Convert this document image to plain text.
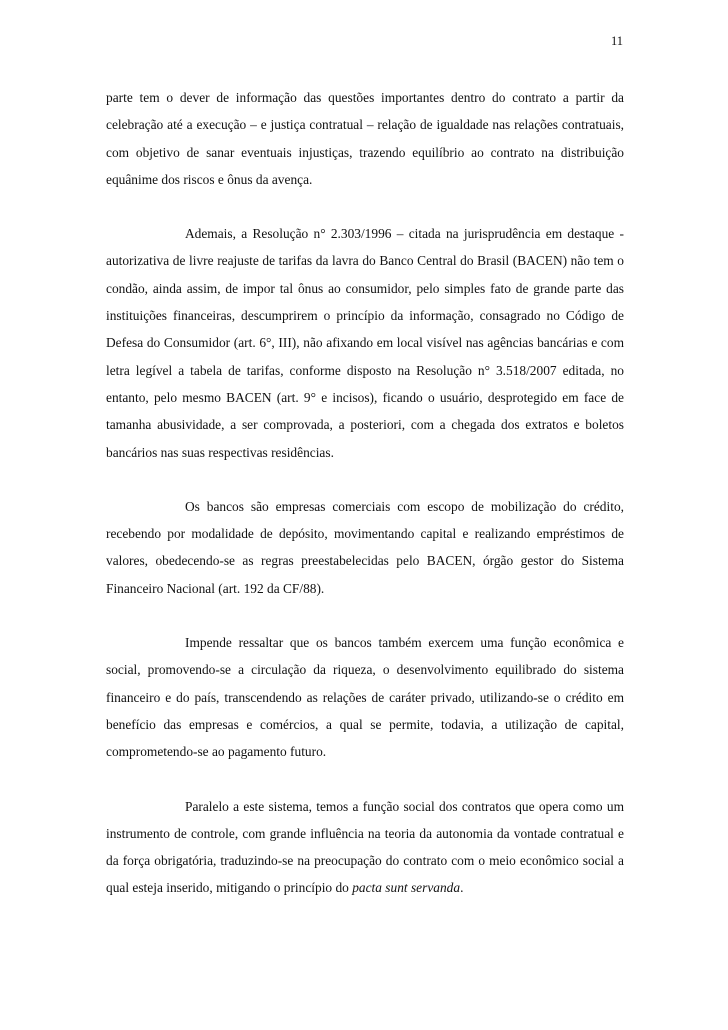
11

parte tem o dever de informação das questões importantes dentro do contrato a partir da celebração até a execução – e justiça contratual – relação de igualdade nas relações contratuais, com objetivo de sanar eventuais injustiças, trazendo equilíbrio ao contrato na distribuição equânime dos riscos e ônus da avença.

Ademais, a Resolução n° 2.303/1996 – citada na jurisprudência em destaque - autorizativa de livre reajuste de tarifas da lavra do Banco Central do Brasil (BACEN) não tem o condão, ainda assim, de impor tal ônus ao consumidor, pelo simples fato de grande parte das instituições financeiras, descumprirem o princípio da informação, consagrado no Código de Defesa do Consumidor (art. 6°, III), não afixando em local visível nas agências bancárias e com letra legível a tabela de tarifas, conforme disposto na Resolução n° 3.518/2007 editada, no entanto, pelo mesmo BACEN (art. 9° e incisos), ficando o usuário, desprotegido em face de tamanha abusividade, a ser comprovada, a posteriori, com a chegada dos extratos e boletos bancários nas suas respectivas residências.

Os bancos são empresas comerciais com escopo de mobilização do crédito, recebendo por modalidade de depósito, movimentando capital e realizando empréstimos de valores, obedecendo-se as regras preestabelecidas pelo BACEN, órgão gestor do Sistema Financeiro Nacional (art. 192 da CF/88).

Impende ressaltar que os bancos também exercem uma função econômica e social, promovendo-se a circulação da riqueza, o desenvolvimento equilibrado do sistema financeiro e do país, transcendendo as relações de caráter privado, utilizando-se o crédito em benefício das empresas e comércios, a qual se permite, todavia, a utilização de capital, comprometendo-se ao pagamento futuro.

Paralelo a este sistema, temos a função social dos contratos que opera como um instrumento de controle, com grande influência na teoria da autonomia da vontade contratual e da força obrigatória, traduzindo-se na preocupação do contrato com o meio econômico social a qual esteja inserido, mitigando o princípio do pacta sunt servanda.
